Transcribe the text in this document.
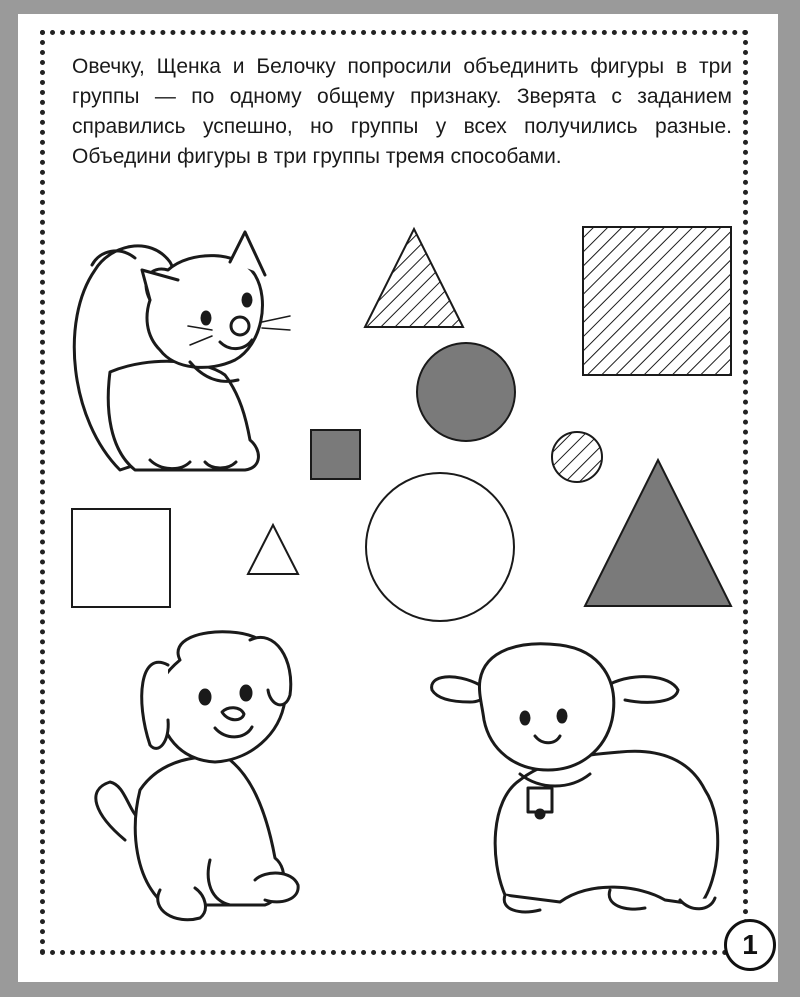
Овечку, Щенка и Белочку попросили объединить фигуры в три группы — по одному общему признаку. Зверята с заданием справились успешно, но группы у всех получились разные. Объедини фигуры в три группы тремя способами.

1
